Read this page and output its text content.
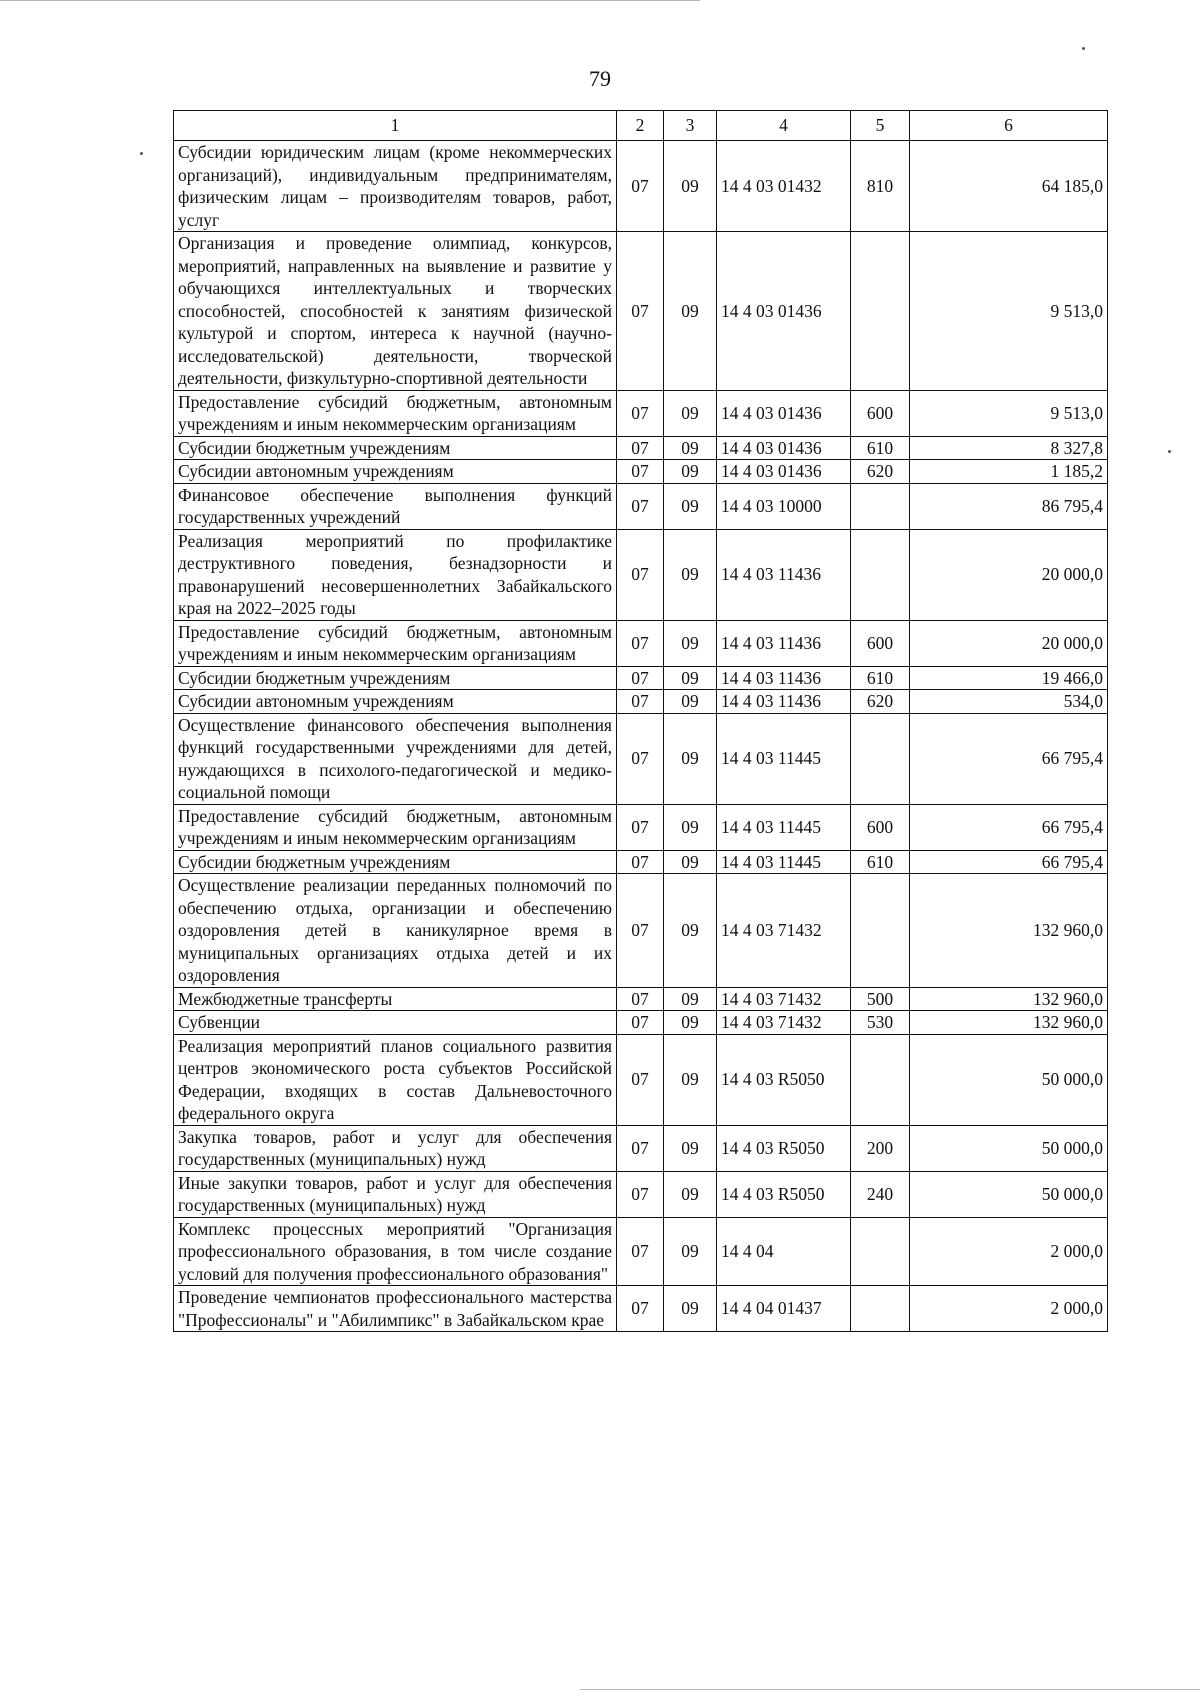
79
1	2	3	4	5	6
Субсидии юридическим лицам (кроме некоммерческих организаций), индивидуальным предпринимателям, физическим лицам – производителям товаров, работ, услуг	07	09	14 4 03 01432	810	64 185,0
Организация и проведение олимпиад, конкурсов, мероприятий, направленных на выявление и развитие у обучающихся интеллектуальных и творческих способностей, способностей к занятиям физической культурой и спортом, интереса к научной (научно-исследовательской) деятельности, творческой деятельности, физкультурно-спортивной деятельности	07	09	14 4 03 01436		9 513,0
Предоставление субсидий бюджетным, автономным учреждениям и иным некоммерческим организациям	07	09	14 4 03 01436	600	9 513,0
Субсидии бюджетным учреждениям	07	09	14 4 03 01436	610	8 327,8
Субсидии автономным учреждениям	07	09	14 4 03 01436	620	1 185,2
Финансовое обеспечение выполнения функций государственных учреждений	07	09	14 4 03 10000		86 795,4
Реализация мероприятий по профилактике деструктивного поведения, безнадзорности и правонарушений несовершеннолетних Забайкальского края на 2022–2025 годы	07	09	14 4 03 11436		20 000,0
Предоставление субсидий бюджетным, автономным учреждениям и иным некоммерческим организациям	07	09	14 4 03 11436	600	20 000,0
Субсидии бюджетным учреждениям	07	09	14 4 03 11436	610	19 466,0
Субсидии автономным учреждениям	07	09	14 4 03 11436	620	534,0
Осуществление финансового обеспечения выполнения функций государственными учреждениями для детей, нуждающихся в психолого-педагогической и медико-социальной помощи	07	09	14 4 03 11445		66 795,4
Предоставление субсидий бюджетным, автономным учреждениям и иным некоммерческим организациям	07	09	14 4 03 11445	600	66 795,4
Субсидии бюджетным учреждениям	07	09	14 4 03 11445	610	66 795,4
Осуществление реализации переданных полномочий по обеспечению отдыха, организации и обеспечению оздоровления детей в каникулярное время в муниципальных организациях отдыха детей и их оздоровления	07	09	14 4 03 71432		132 960,0
Межбюджетные трансферты	07	09	14 4 03 71432	500	132 960,0
Субвенции	07	09	14 4 03 71432	530	132 960,0
Реализация мероприятий планов социального развития центров экономического роста субъектов Российской Федерации, входящих в состав Дальневосточного федерального округа	07	09	14 4 03 R5050		50 000,0
Закупка товаров, работ и услуг для обеспечения государственных (муниципальных) нужд	07	09	14 4 03 R5050	200	50 000,0
Иные закупки товаров, работ и услуг для обеспечения государственных (муниципальных) нужд	07	09	14 4 03 R5050	240	50 000,0
Комплекс процессных мероприятий "Организация профессионального образования, в том числе создание условий для получения профессионального образования"	07	09	14 4 04		2 000,0
Проведение чемпионатов профессионального мастерства "Профессионалы" и "Абилимпикс" в Забайкальском крае	07	09	14 4 04 01437		2 000,0
